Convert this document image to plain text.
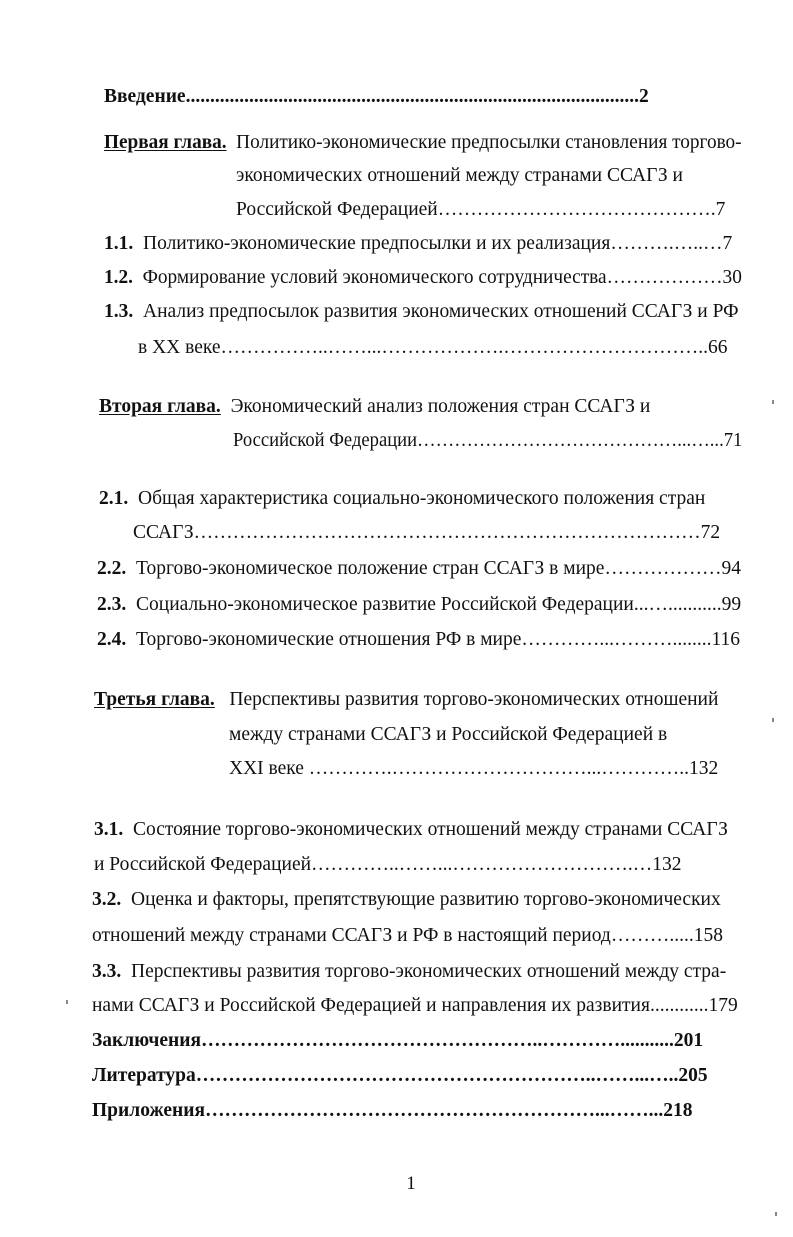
Введение.............................................................................................2
Первая глава. Политико-экономические предпосылки становления торгово-
экономических отношений между странами ССАГЗ и
Российской Федерацией…………………………………….7
1.1. Политико-экономические предпосылки и их реализация……….…..…7
1.2. Формирование условий экономического сотрудничества………………30
1.3. Анализ предпосылок развития экономических отношений ССАГЗ и РФ
в XX веке……………..……...……………….…………………………..66
Вторая глава. Экономический анализ положения стран ССАГЗ и
Российской Федерации……………………………………...…...71
2.1. Общая характеристика социально-экономического положения стран
ССАГЗ……………………………………………………………………72
2.2. Торгово-экономическое положение стран ССАГЗ в мире………………94
2.3. Социально-экономическое развитие Российской Федерации...…...........99
2.4. Торгово-экономические отношения РФ в мире…………...………........116
Третья глава. Перспективы развития торгово-экономических отношений
между странами ССАГЗ и Российской Федерацией в
XXI веке ………….…………………………...…………..132
3.1. Состояние торгово-экономических отношений между странами ССАГЗ
и Российской Федерацией…………..……...……………………….…132
3.2. Оценка и факторы, препятствующие развитию торгово-экономических
отношений между странами ССАГЗ и РФ в настоящий период……….....158
3.3. Перспективы развития торгово-экономических отношений между стра-
нами ССАГЗ и Российской Федерацией и направления их развития............179
Заключения……………………………………………..…………...........201
Литература……………………………………………………..……...…..205
Приложения……………………………………………………...……...218
1
